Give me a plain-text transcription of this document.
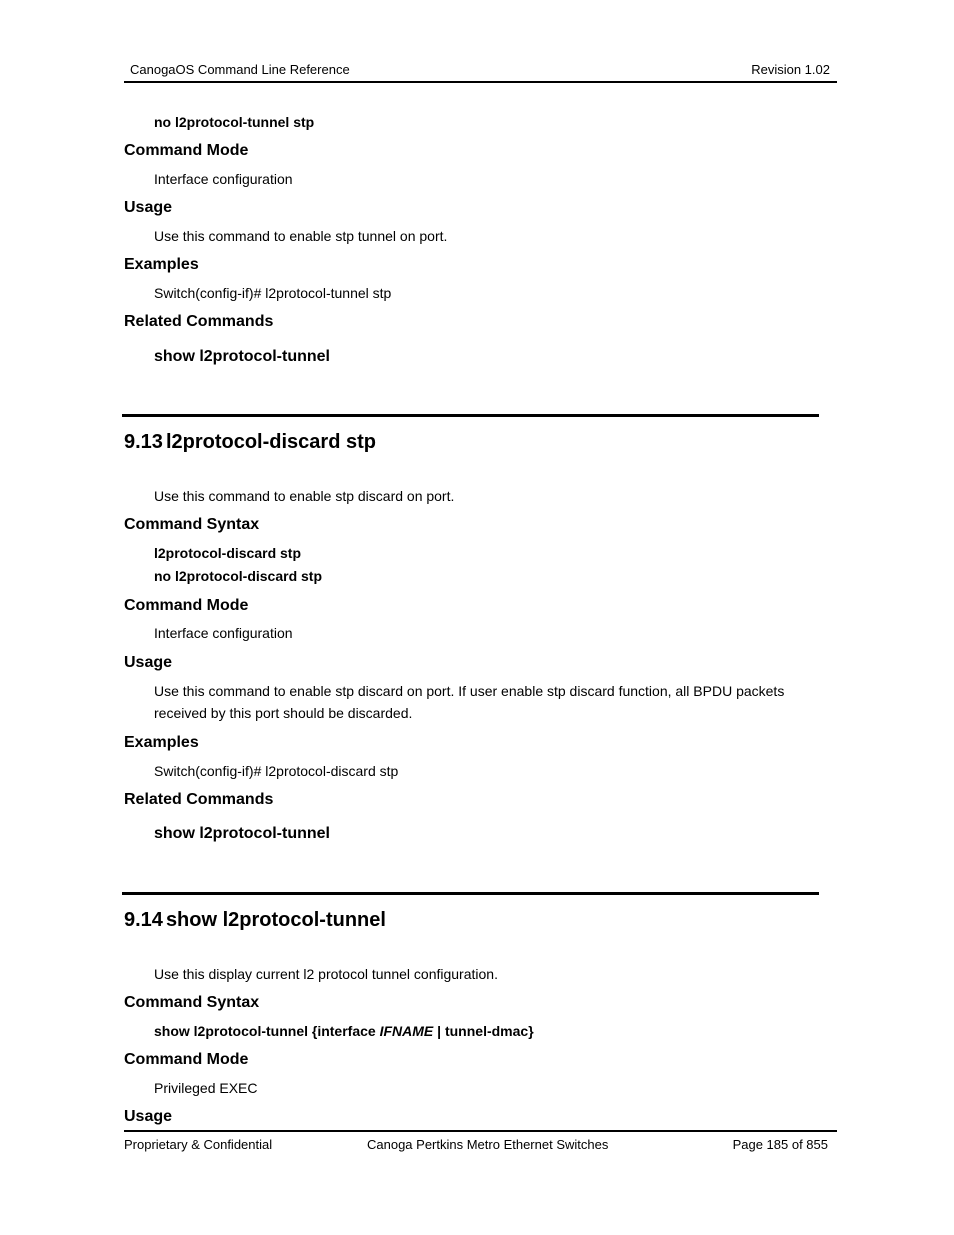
CanogaOS Command Line Reference	Revision 1.02
no l2protocol-tunnel stp
Command Mode
Interface configuration
Usage
Use this command to enable stp tunnel on port.
Examples
Switch(config-if)# l2protocol-tunnel stp
Related Commands
show l2protocol-tunnel
9.13 l2protocol-discard stp
Use this command to enable stp discard on port.
Command Syntax
l2protocol-discard stp
no l2protocol-discard stp
Command Mode
Interface configuration
Usage
Use this command to enable stp discard on port. If user enable stp discard function, all BPDU packets
received by this port should be discarded.
Examples
Switch(config-if)# l2protocol-discard stp
Related Commands
show l2protocol-tunnel
9.14 show l2protocol-tunnel
Use this display current l2 protocol tunnel configuration.
Command Syntax
show l2protocol-tunnel {interface IFNAME | tunnel-dmac}
Command Mode
Privileged EXEC
Usage
Proprietary & Confidential	Canoga Pertkins Metro Ethernet Switches	Page 185 of 855
